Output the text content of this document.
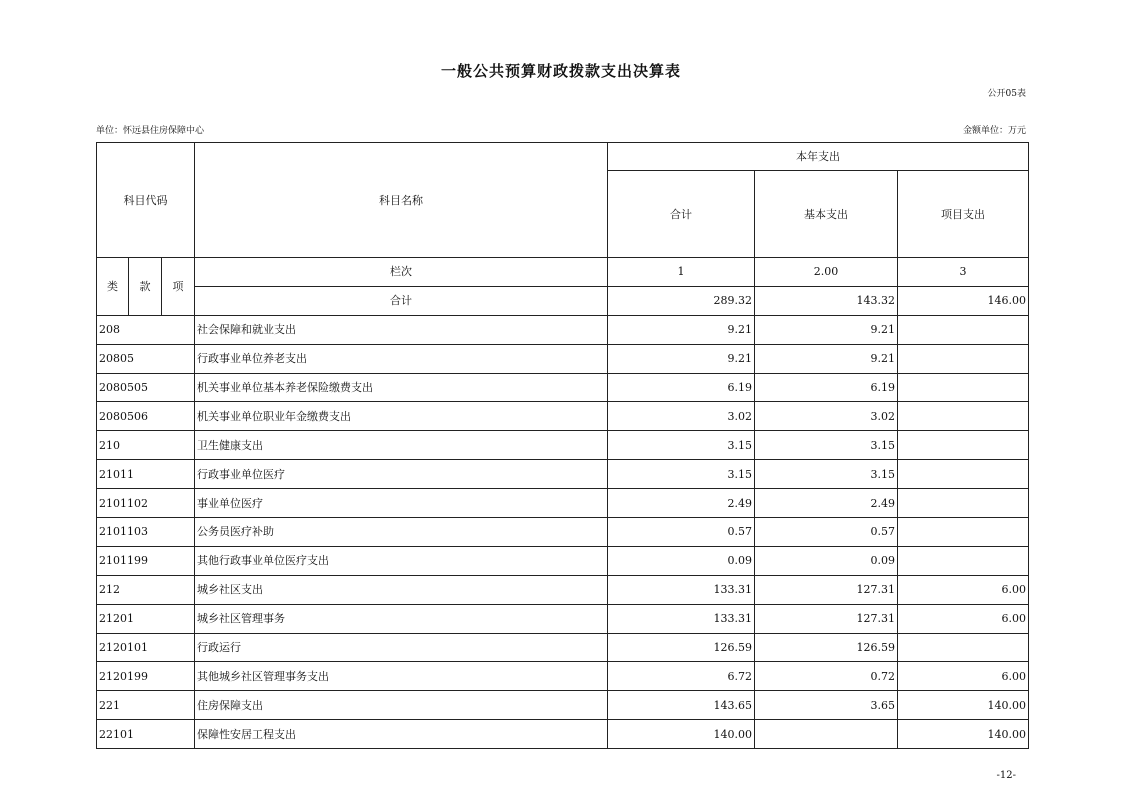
一般公共预算财政拨款支出决算表
公开05表
单位：怀远县住房保障中心	金额单位：万元
科目代码			科目名称	本年支出		
				合计	基本支出	项目支出
类	款	项	栏次	1	2.00	3
			合计	289.32	143.32	146.00
208			社会保障和就业支出	9.21	9.21	
20805			行政事业单位养老支出	9.21	9.21	
2080505			机关事业单位基本养老保险缴费支出	6.19	6.19	
2080506			机关事业单位职业年金缴费支出	3.02	3.02	
210			卫生健康支出	3.15	3.15	
21011			行政事业单位医疗	3.15	3.15	
2101102			事业单位医疗	2.49	2.49	
2101103			公务员医疗补助	0.57	0.57	
2101199			其他行政事业单位医疗支出	0.09	0.09	
212			城乡社区支出	133.31	127.31	6.00
21201			城乡社区管理事务	133.31	127.31	6.00
2120101			行政运行	126.59	126.59	
2120199			其他城乡社区管理事务支出	6.72	0.72	6.00
221			住房保障支出	143.65	3.65	140.00
22101			保障性安居工程支出	140.00		140.00
-12-
